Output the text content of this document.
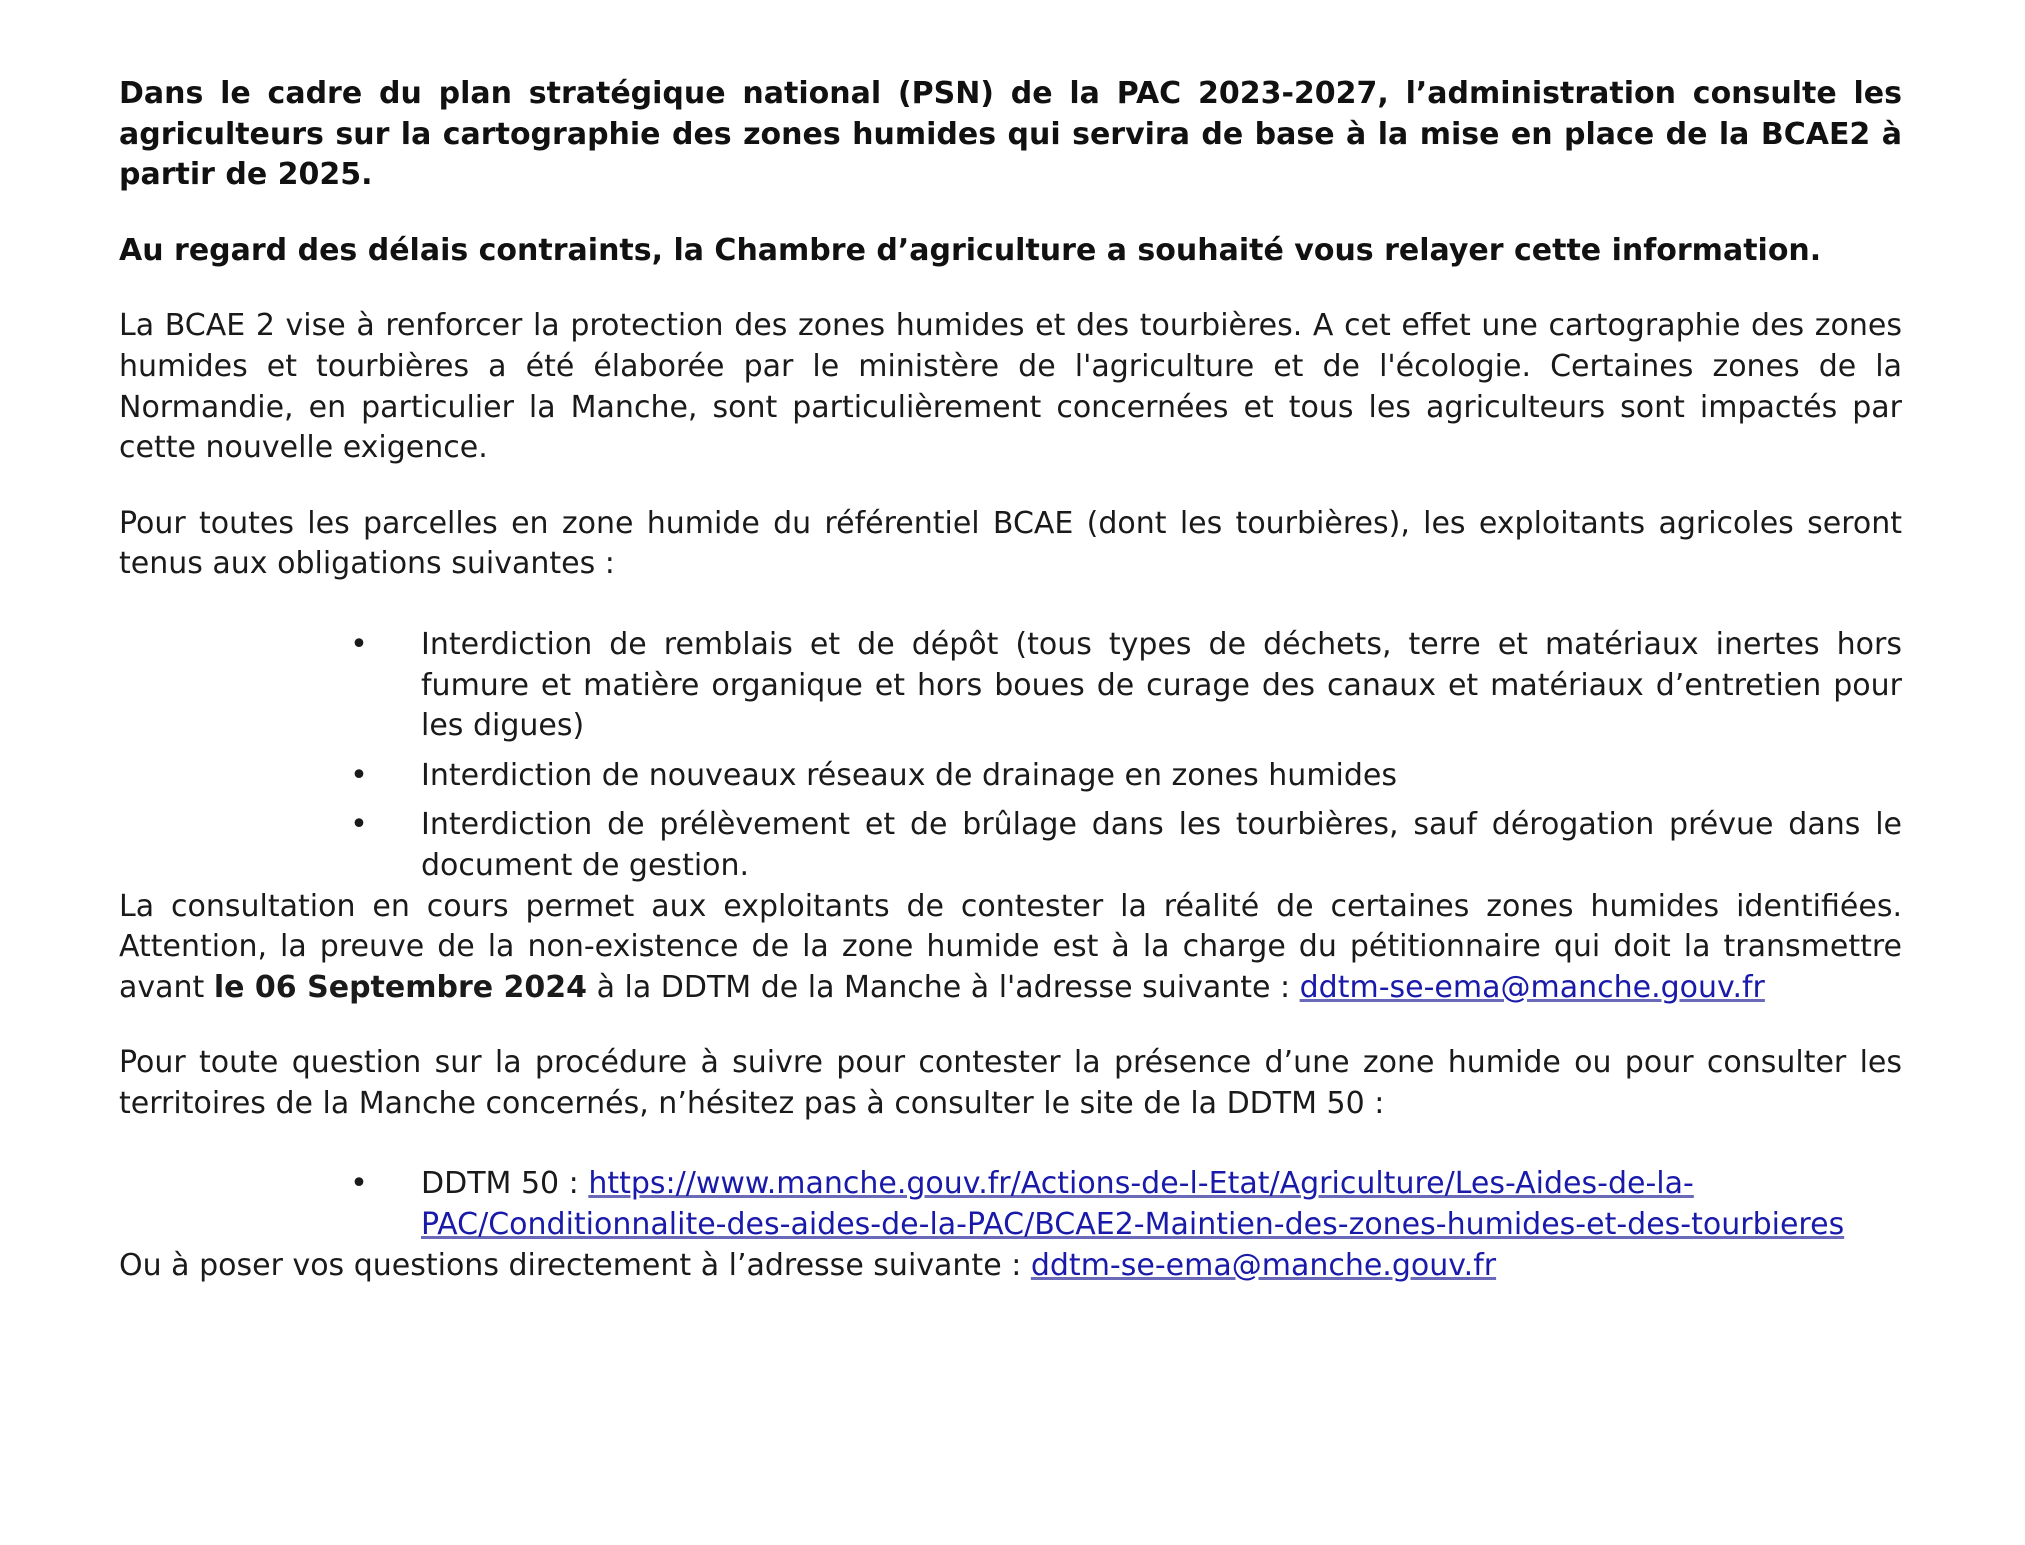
Dans le cadre du plan stratégique national (PSN) de la PAC 2023-2027, l’administration consulte les agriculteurs sur la cartographie des zones humides qui servira de base à la mise en place de la BCAE2 à partir de 2025.

Au regard des délais contraints, la Chambre d’agriculture a souhaité vous relayer cette information.

La BCAE 2 vise à renforcer la protection des zones humides et des tourbières. A cet effet une cartographie des zones humides et tourbières a été élaborée par le ministère de l'agriculture et de l'écologie. Certaines zones de la Normandie, en particulier la Manche, sont particulièrement concernées et tous les agriculteurs sont impactés par cette nouvelle exigence.

Pour toutes les parcelles en zone humide du référentiel BCAE (dont les tourbières), les exploitants agricoles seront tenus aux obligations suivantes :

• Interdiction de remblais et de dépôt (tous types de déchets, terre et matériaux inertes hors fumure et matière organique et hors boues de curage des canaux et matériaux d’entretien pour les digues)
• Interdiction de nouveaux réseaux de drainage en zones humides
• Interdiction de prélèvement et de brûlage dans les tourbières, sauf dérogation prévue dans le document de gestion.

La consultation en cours permet aux exploitants de contester la réalité de certaines zones humides identifiées. Attention, la preuve de la non-existence de la zone humide est à la charge du pétitionnaire qui doit la transmettre avant le 06 Septembre 2024 à la DDTM de la Manche à l'adresse suivante : ddtm-se-ema@manche.gouv.fr

Pour toute question sur la procédure à suivre pour contester la présence d’une zone humide ou pour consulter les territoires de la Manche concernés, n’hésitez pas à consulter le site de la DDTM 50 :

• DDTM 50 : https://www.manche.gouv.fr/Actions-de-l-Etat/Agriculture/Les-Aides-de-la-PAC/Conditionnalite-des-aides-de-la-PAC/BCAE2-Maintien-des-zones-humides-et-des-tourbieres

Ou à poser vos questions directement à l’adresse suivante : ddtm-se-ema@manche.gouv.fr
